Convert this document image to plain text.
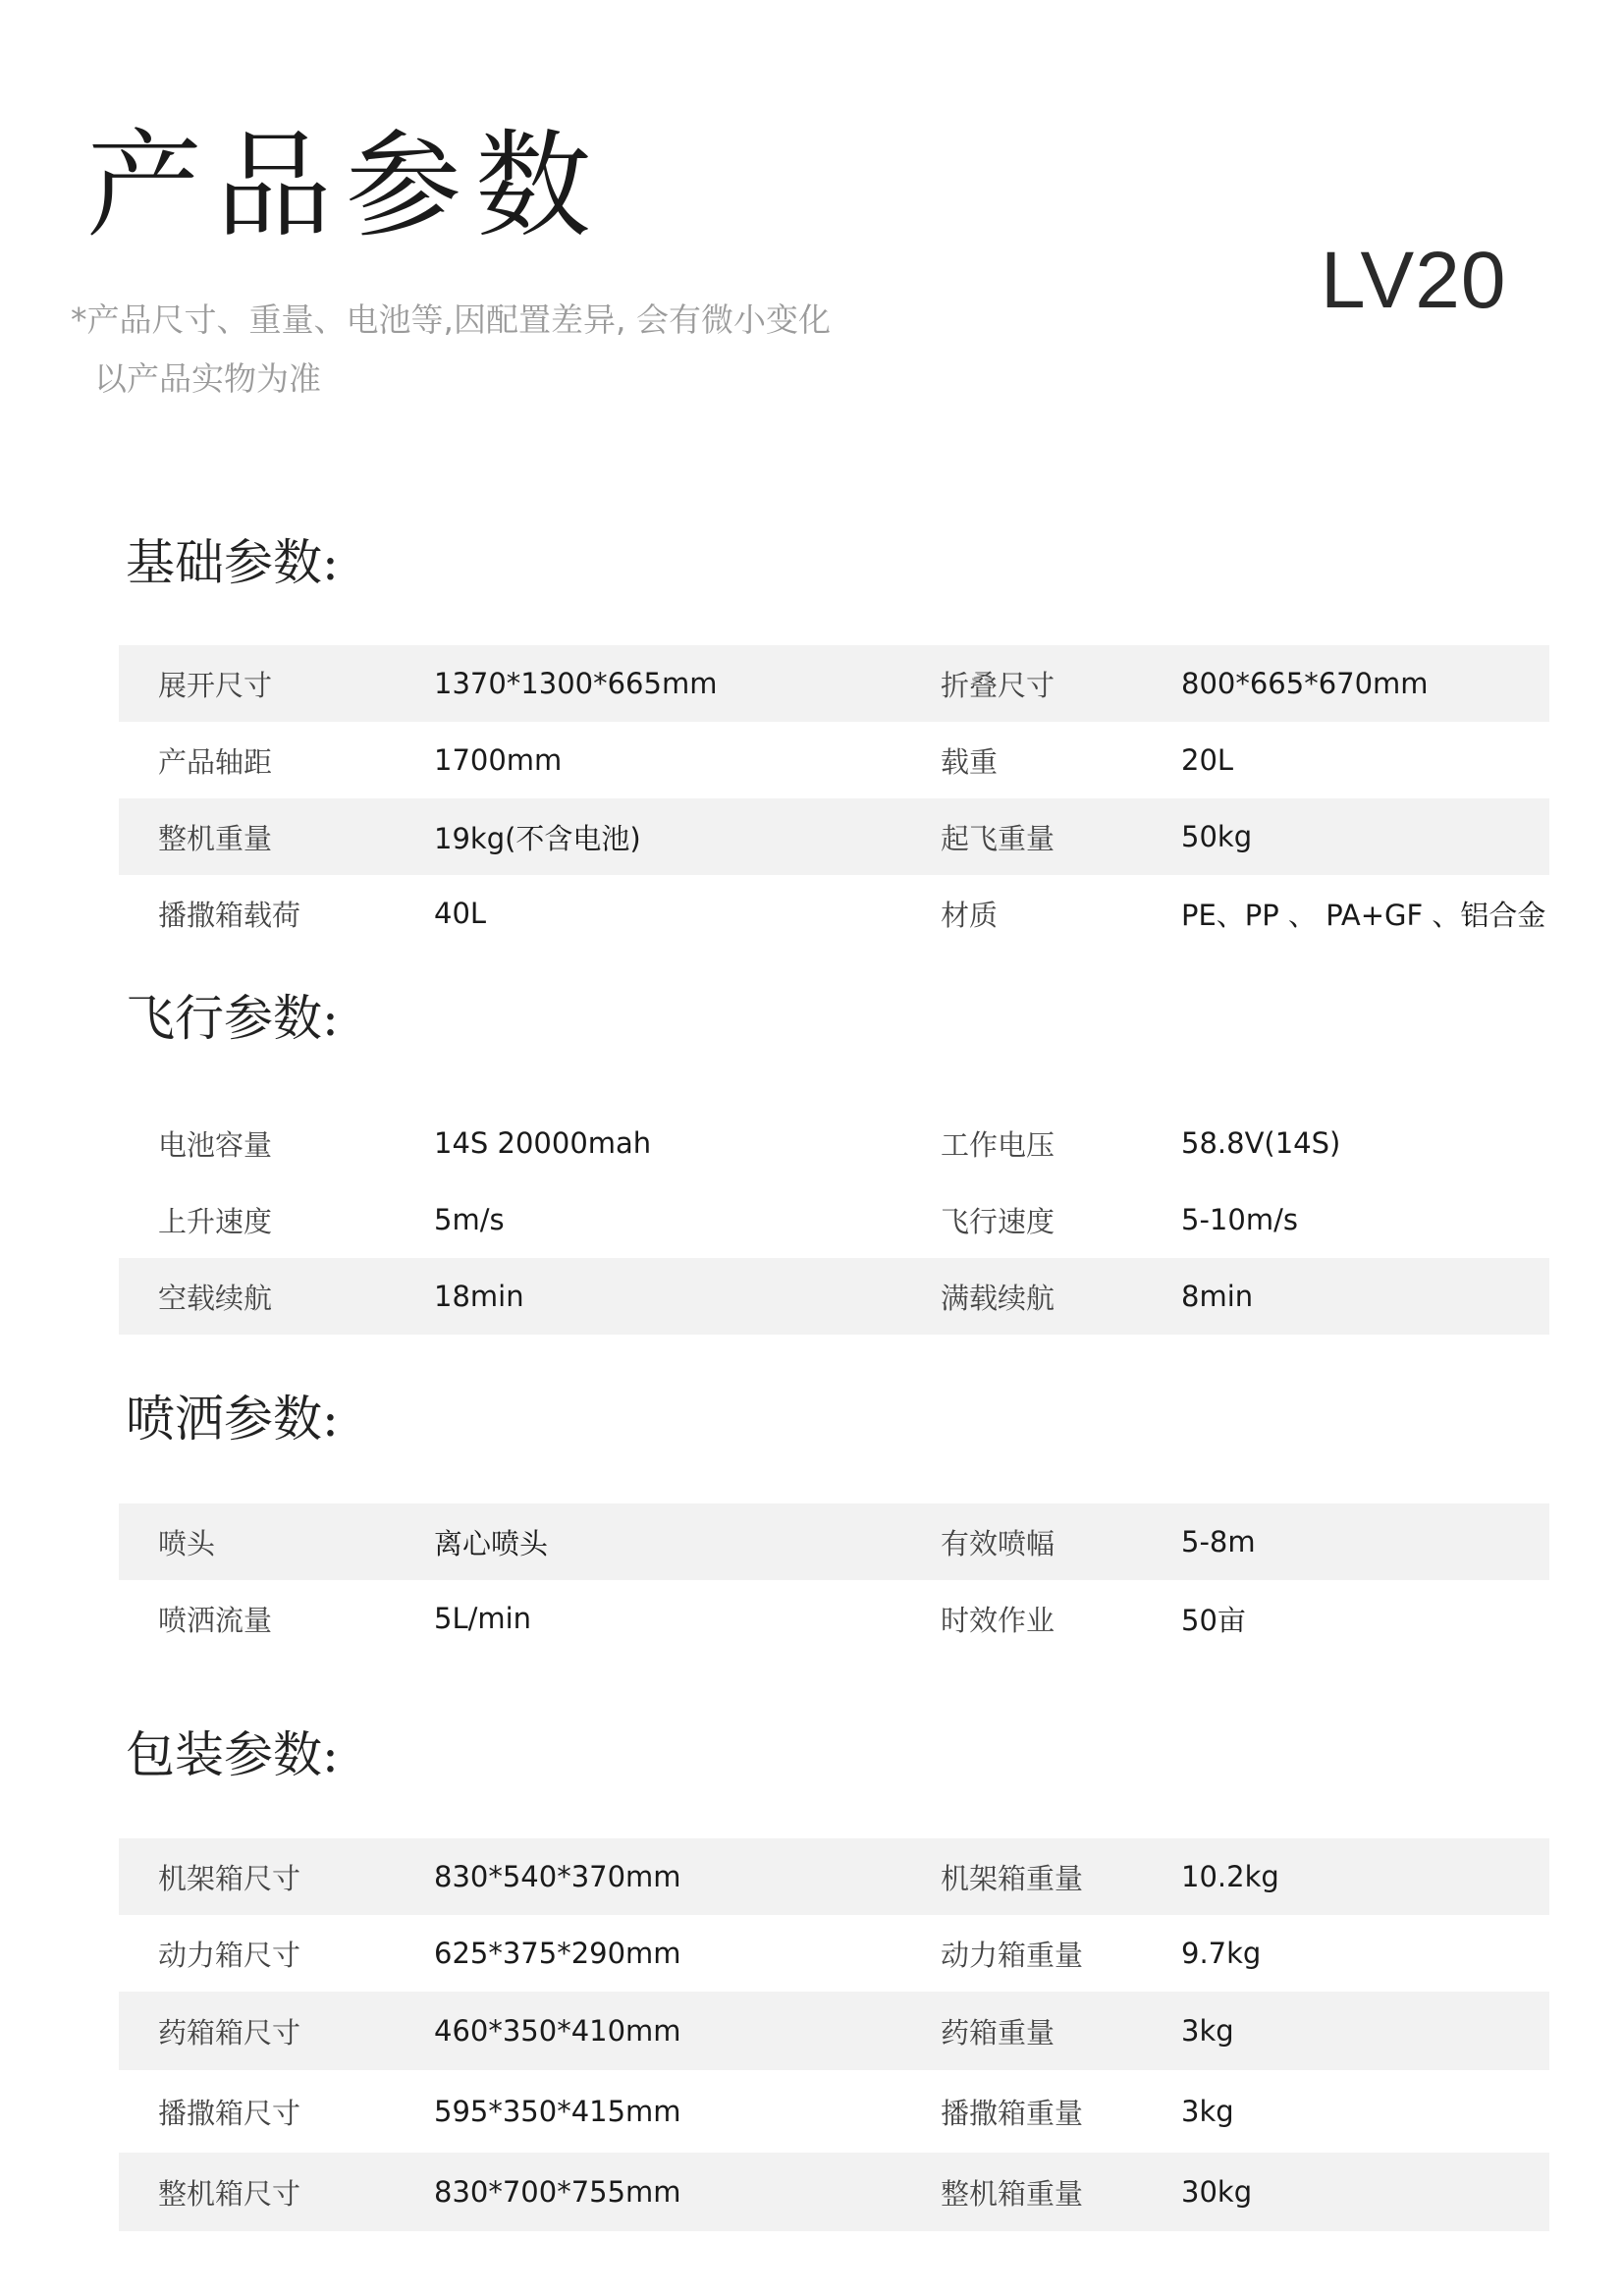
产品参数
*产品尺寸、重量、电池等,因配置差异, 会有微小变化
以产品实物为准
LV20
基础参数:
展开尺寸	1370*1300*665mm	折叠尺寸	800*665*670mm
产品轴距	1700mm	载重	20L
整机重量	19kg(不含电池)	起飞重量	50kg
播撒箱载荷	40L	材质	PE、PP 、 PA+GF 、铝合金
飞行参数:
电池容量	14S 20000mah	工作电压	58.8V(14S)
上升速度	5m/s	飞行速度	5-10m/s
空载续航	18min	满载续航	8min
喷洒参数:
喷头	离心喷头	有效喷幅	5-8m
喷洒流量	5L/min	时效作业	50亩
包装参数:
机架箱尺寸	830*540*370mm	机架箱重量	10.2kg
动力箱尺寸	625*375*290mm	动力箱重量	9.7kg
药箱箱尺寸	460*350*410mm	药箱重量	3kg
播撒箱尺寸	595*350*415mm	播撒箱重量	3kg
整机箱尺寸	830*700*755mm	整机箱重量	30kg
